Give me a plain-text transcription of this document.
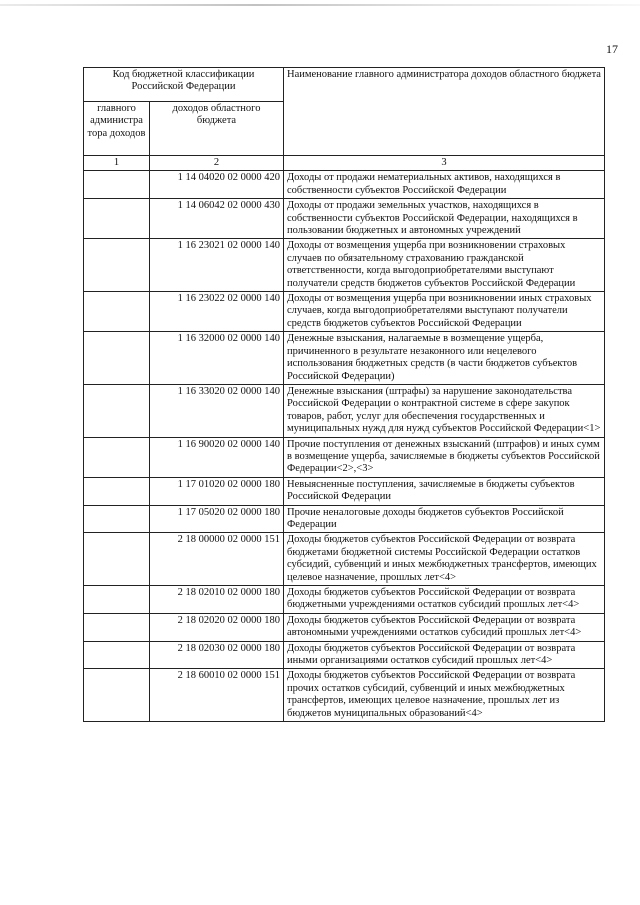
17
Код бюджетной классификации Российской Федерации		Наименование главного администратора доходов областного бюджета
главного администра тора доходов	доходов областного бюджета	
1	2	3
	1 14 04020 02 0000 420	Доходы от продажи нематериальных активов, находящихся в собственности субъектов Российской Федерации
	1 14 06042 02 0000 430	Доходы от продажи земельных участков, находящихся в собственности субъектов Российской Федерации, находящихся в пользовании бюджетных и автономных учреждений
	1 16 23021 02 0000 140	Доходы от возмещения ущерба при возникновении страховых случаев по обязательному страхованию гражданской ответственности, когда выгодоприобретателями выступают получатели средств бюджетов субъектов Российской Федерации
	1 16 23022 02 0000 140	Доходы от возмещения ущерба при возникновении иных страховых случаев, когда выгодоприобретателями выступают получатели средств бюджетов субъектов Российской Федерации
	1 16 32000 02 0000 140	Денежные взыскания, налагаемые в возмещение ущерба, причиненного в результате незаконного или нецелевого использования бюджетных средств (в части бюджетов субъектов Российской Федерации)
	1 16 33020 02 0000 140	Денежные взыскания (штрафы) за нарушение законодательства Российской Федерации о контрактной системе в сфере закупок товаров, работ, услуг для обеспечения государственных и муниципальных нужд для нужд субъектов Российской Федерации<1>
	1 16 90020 02 0000 140	Прочие поступления от денежных взысканий (штрафов) и иных сумм в возмещение ущерба, зачисляемые в бюджеты субъектов Российской Федерации<2>,<3>
	1 17 01020 02 0000 180	Невыясненные поступления, зачисляемые в бюджеты субъектов Российской Федерации
	1 17 05020 02 0000 180	Прочие неналоговые доходы бюджетов субъектов Российской Федерации
	2 18 00000 02 0000 151	Доходы бюджетов субъектов Российской Федерации от возврата бюджетами бюджетной системы Российской Федерации остатков субсидий, субвенций и иных межбюджетных трансфертов, имеющих целевое назначение, прошлых лет<4>
	2 18 02010 02 0000 180	Доходы бюджетов субъектов Российской Федерации от возврата бюджетными учреждениями остатков субсидий прошлых лет<4>
	2 18 02020 02 0000 180	Доходы бюджетов субъектов Российской Федерации от возврата автономными учреждениями остатков субсидий прошлых лет<4>
	2 18 02030 02 0000 180	Доходы бюджетов субъектов Российской Федерации от возврата иными организациями остатков субсидий прошлых лет<4>
	2 18 60010 02 0000 151	Доходы бюджетов субъектов Российской Федерации от возврата прочих остатков субсидий, субвенций и иных межбюджетных трансфертов, имеющих целевое назначение, прошлых лет из бюджетов муниципальных образований<4>
